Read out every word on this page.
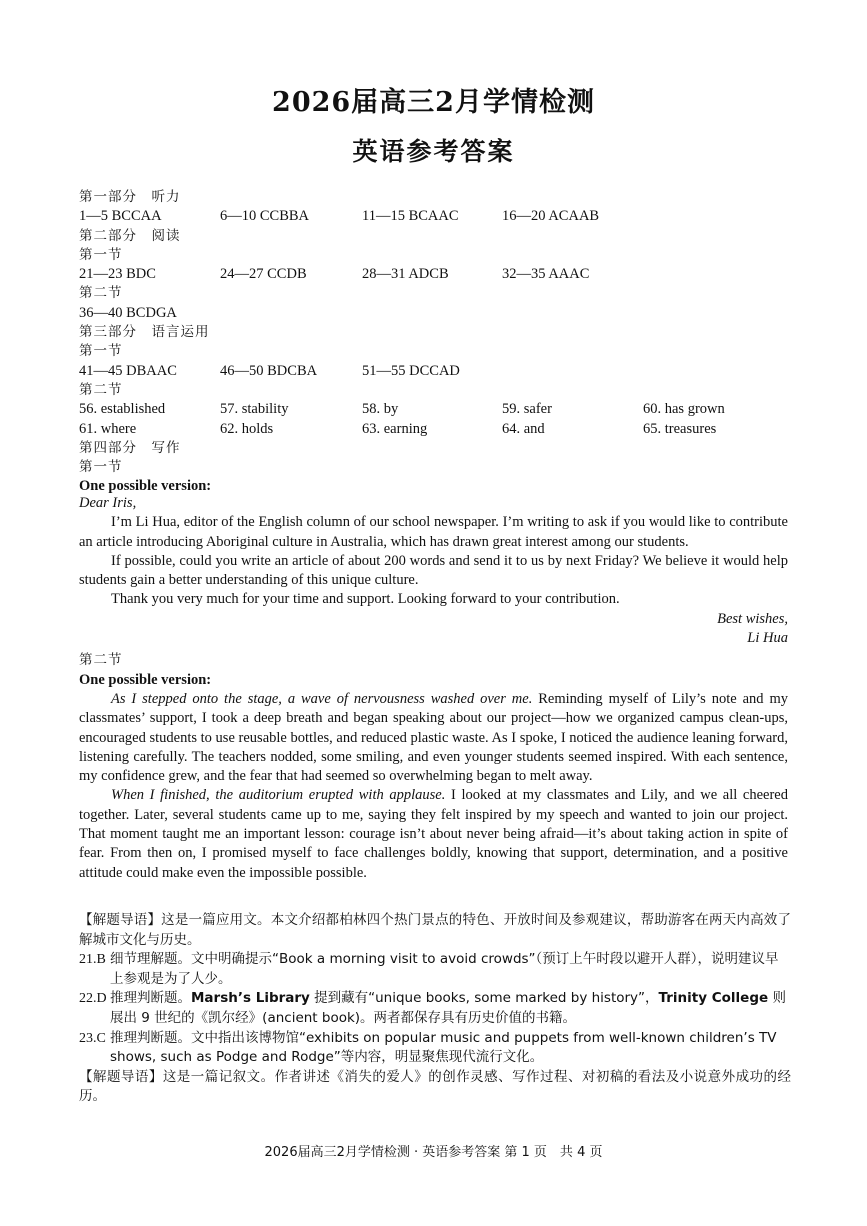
2026届高三2月学情检测
英语参考答案
第一部分　听力
1—5 BCCAA	6—10 CCBBA	11—15 BCAAC	16—20 ACAAB
第二部分　阅读
第一节
21—23 BDC	24—27 CCDB	28—31 ADCB	32—35 AAAC
第二节
36—40 BCDGA
第三部分　语言运用
第一节
41—45 DBAAC	46—50 BDCBA	51—55 DCCAD
第二节
56. established	57. stability	58. by	59. safer	60. has grown
61. where	62. holds	63. earning	64. and	65. treasures
第四部分　写作
第一节
One possible version:

Dear Iris,

I’m Li Hua, editor of the English column of our school newspaper. I’m writing to ask if you would like to contribute an article introducing Aboriginal culture in Australia, which has drawn great interest among our students.

If possible, could you write an article of about 200 words and send it to us by next Friday? We believe it would help students gain a better understanding of this unique culture.

Thank you very much for your time and support. Looking forward to your contribution.

Best wishes,

Li Hua

第二节

One possible version:

As I stepped onto the stage, a wave of nervousness washed over me. Reminding myself of Lily’s note and my classmates’ support, I took a deep breath and began speaking about our project—how we organized campus clean-ups, encouraged students to use reusable bottles, and reduced plastic waste. As I spoke, I noticed the audience leaning forward, listening carefully. The teachers nodded, some smiling, and even younger students seemed inspired. With each sentence, my confidence grew, and the fear that had seemed so overwhelming began to melt away.

When I finished, the auditorium erupted with applause. I looked at my classmates and Lily, and we all cheered together. Later, several students came up to me, saying they felt inspired by my speech and wanted to join our project. That moment taught me an important lesson: courage isn’t about never being afraid—it’s about taking action in spite of fear. From then on, I promised myself to face challenges boldly, knowing that support, determination, and a positive attitude could make even the impossible possible.

【解题导语】这是一篇应用文。本文介绍都柏林四个热门景点的特色、开放时间及参观建议，帮助游客在两天内高效了解城市文化与历史。

21.B 细节理解题。文中明确提示“Book a morning visit to avoid crowds”（预订上午时段以避开人群），说明建议早上参观是为了人少。
22.D 推理判断题。Marsh’s Library 提到藏有“unique books, some marked by history”，Trinity College 则展出 9 世纪的《凯尔经》(ancient book)。两者都保存具有历史价值的书籍。
23.C 推理判断题。文中指出该博物馆“exhibits on popular music and puppets from well-known children’s TV shows, such as Podge and Rodge”等内容，明显聚焦现代流行文化。

【解题导语】这是一篇记叙文。作者讲述《消失的爱人》的创作灵感、写作过程、对初稿的看法及小说意外成功的经历。

2026届高三2月学情检测 · 英语参考答案 第 1 页　共 4 页
